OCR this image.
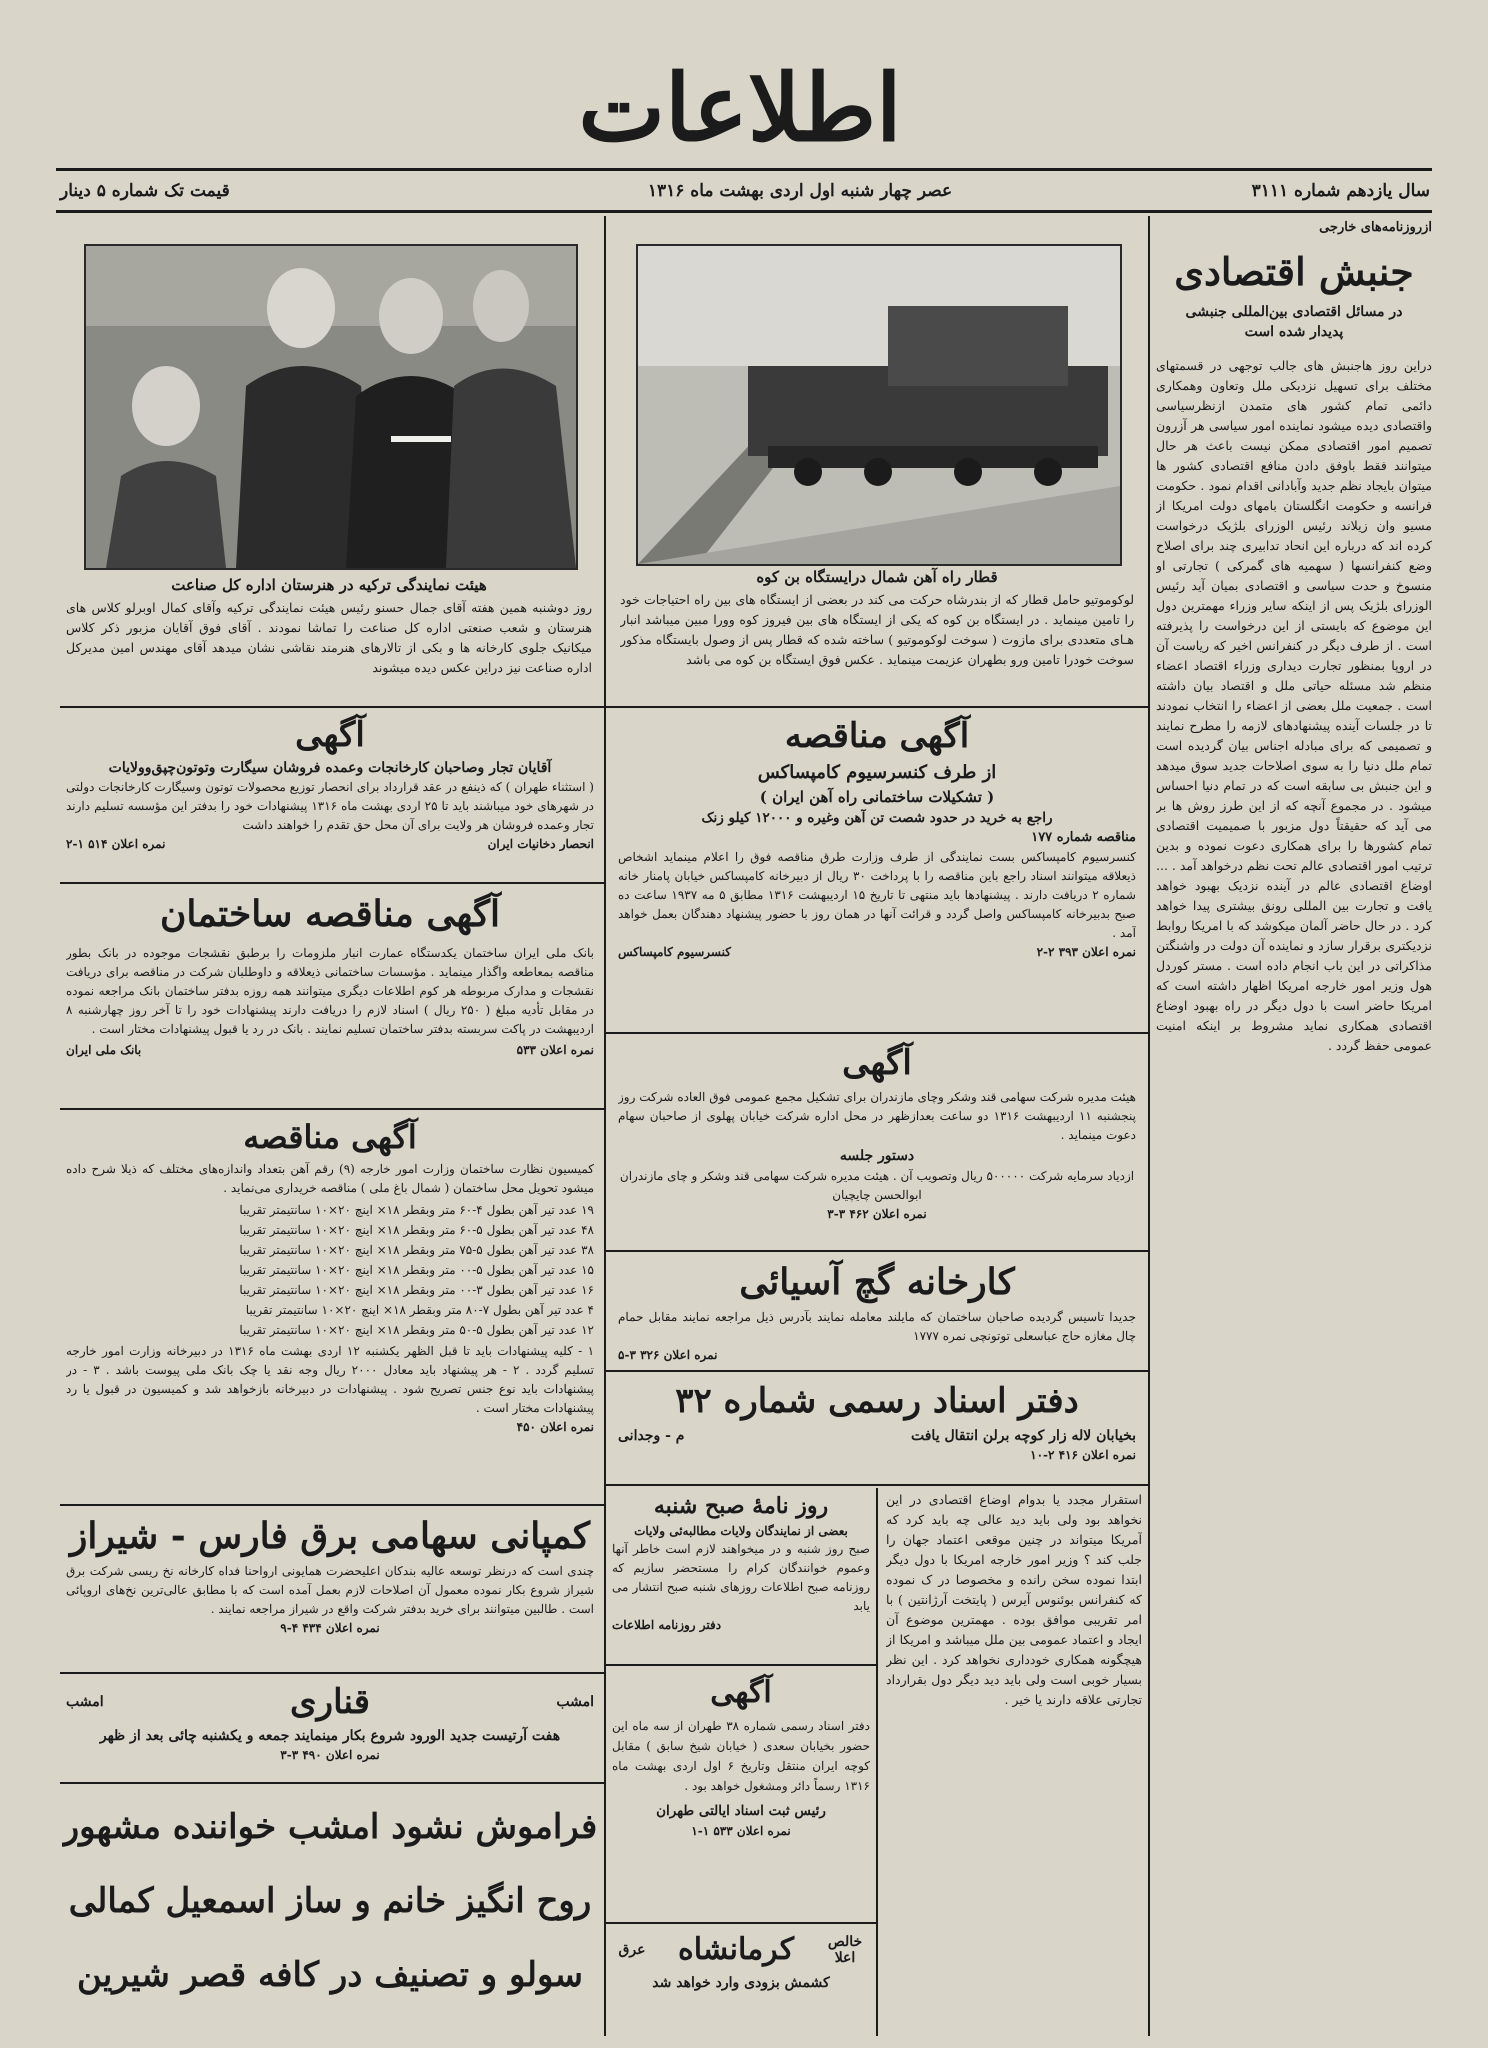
اطلاعات
سال یازدهم شماره ۳۱۱۱
عصر چهار شنبه اول اردی بهشت ماه ۱۳۱۶
قیمت تک شماره ۵ دینار
ازروزنامه‌های خارجی
جنبش اقتصادی
در مسائل اقتصادی بین‌المللی جنبشی پدیدار شده است
دراین روز هاجنبش های جالب توجهی در قسمتهای مختلف برای تسهیل نزدیکی ملل وتعاون وهمکاری دائمی تمام کشور های متمدن ازنظرسیاسی واقتصادی دیده میشود نماینده امور سیاسی هر آزرون تصمیم امور اقتصادی ممکن نیست باعث هر حال میتوانند فقط باوفق دادن منافع اقتصادی کشور ها میتوان بایجاد نظم جدید وآبادانی اقدام نمود . حکومت فرانسه و حکومت انگلستان بامهای دولت امریکا از مسیو وان زیلاند رئیس الوزرای بلژیک درخواست کرده اند که درباره این انحاد تدابیری چند برای اصلاح وضع کنفرانسها ( سهمیه های گمرکی ) تجارتی او منسوخ و حدت سیاسی و اقتصادی بمیان آید رئیس الوزرای بلژیک پس از اینکه سایر وزراء مهمترین دول این موضوع که بایستی از این درخواست را پذیرفته است . از طرف دیگر در کنفرانس اخیر که ریاست آن در اروپا بمنظور تجارت دیداری وزراء اقتصاد اعضاء منظم شد مسئله حیاتی ملل و اقتصاد بیان داشته است . جمعیت ملل بعضی از اعضاء را انتخاب نمودند تا در جلسات آینده پیشنهادهای لازمه را مطرح نمایند و تصمیمی که برای مبادله اجناس بیان گردیده است تمام ملل دنیا را به سوی اصلاحات جدید سوق میدهد و این جنبش بی سابقه است که در تمام دنیا احساس میشود . در مجموع آنچه که از این طرز روش ها بر می آید که حقیقتاً دول مزبور با صمیمیت اقتصادی تمام کشورها را برای همکاری دعوت نموده و بدین ترتیب امور اقتصادی عالم تحت نظم درخواهد آمد . ... اوضاع اقتصادی عالم در آینده نزدیک بهبود خواهد یافت و تجارت بین المللی رونق بیشتری پیدا خواهد کرد . در حال حاضر آلمان میکوشد که با امریکا روابط نزدیکتری برقرار سازد و نماینده آن دولت در واشنگتن مذاکراتی در این باب انجام داده است . مستر کوردل هول وزیر امور خارجه امریکا اظهار داشته است که امریکا حاضر است با دول دیگر در راه بهبود اوضاع اقتصادی همکاری نماید مشروط بر اینکه امنیت عمومی حفظ گردد .
هیئت نمایندگی ترکیه در هنرستان اداره کل صناعت
روز دوشنبه همین هفته آقای جمال حسنو رئیس هیئت نمایندگی ترکیه وآقای کمال اوبرلو کلاس های هنرستان و شعب صنعتی اداره کل صناعت را تماشا نمودند . آقای فوق آقایان مزبور ذکر کلاس میکانیک جلوی کارخانه ها و بکی از تالارهای هنرمند نقاشی نشان میدهد آقای مهندس امین مدیرکل اداره صناعت نیز دراین عکس دیده میشوند
قطار راه آهن شمال درایستگاه بن کوه
لوکوموتیو حامل قطار که از بندرشاه حرکت می کند در بعضی از ایستگاه های بین راه احتیاجات خود را تامین مینماید . در ایستگاه بن کوه که یکی از ایستگاه های بین فیروز کوه وورا مبین میباشد انبار هـای متعددی برای مازوت ( سوخت لوکوموتیو ) ساخته شده که قطار پس از وصول بایستگاه مذکور سوخت خودرا تامین ورو بطهران عزیمت مینماید . عکس فوق ایستگاه بن کوه می باشد
آگهی
آقایان تجار وصاحبان کارخانجات وعمده فروشان سیگارت وتوتون‌چپق‌وولایات
( استثناء طهران ) که ذینفع در عقد قرارداد برای انحصار توزیع محصولات توتون وسیگارت کارخانجات دولتی در شهرهای خود میباشند باید تا ۲۵ اردی بهشت ماه ۱۳۱۶ پیشنهادات خود را بدفتر این مؤسسه تسلیم دارند تجار وعمده فروشان هر ولایت برای آن محل حق تقدم را خواهند داشت
انحصار دخانیات ایران
نمره اعلان ۵۱۴ ۱-۲
آگهی مناقصه ساختمان
بانک ملی ایران ساختمان یکدستگاه عمارت انبار ملزومات را برطبق نقشجات موجوده در بانک بطور مناقصه بمعاطعه واگذار مینماید . مؤسسات ساختمانی ذیعلاقه و داوطلبان شرکت در مناقصه برای دریافت نقشجات و مدارک مربوطه هر کوم اطلاعات دیگری میتوانند همه روزه بدفتر ساختمان بانک مراجعه نموده در مقابل تأدیه مبلغ ( ۲۵۰ ریال ) اسناد لازم را دریافت دارند پیشنهادات خود را تا آخر روز چهارشنبه ۸ اردیبهشت در پاکت سربسته بدفتر ساختمان تسلیم نمایند . بانک در رد یا قبول پیشنهادات مختار است .
نمره اعلان ۵۳۳
بانک ملی ایران
آگهی مناقصه
کمیسیون نظارت ساختمان وزارت امور خارجه (۹) رقم آهن بتعداد واندازه‌های مختلف که ذیلا شرح داده میشود تحویل محل ساختمان ( شمال باغ ملی ) مناقصه خریداری می‌نماید .
۱۹ عدد تیر آهن بطول ۴-۶۰ متر وبقطر ۱۸× اینچ ۲۰×۱۰ سانتیمتر تقریبا
۴۸ عدد تیر آهن بطول ۵-۶۰ متر وبقطر ۱۸× اینچ ۲۰×۱۰ سانتیمتر تقریبا
۳۸ عدد تیر آهن بطول ۵-۷۵ متر وبقطر ۱۸× اینچ ۲۰×۱۰ سانتیمتر تقریبا
۱۵ عدد تیر آهن بطول ۵-۰۰ متر وبقطر ۱۸× اینچ ۲۰×۱۰ سانتیمتر تقریبا
۱۶ عدد تیر آهن بطول ۳-۰۰ متر وبقطر ۱۸× اینچ ۲۰×۱۰ سانتیمتر تقریبا
۴ عدد تیر آهن بطول ۷-۸۰ متر وبقطر ۱۸× اینچ ۲۰×۱۰ سانتیمتر تقریبا
۱۲ عدد تیر آهن بطول ۵-۵۰ متر وبقطر ۱۸× اینچ ۲۰×۱۰ سانتیمتر تقریبا
۱ - کلیه پیشنهادات باید تا قبل الظهر یکشنبه ۱۲ اردی بهشت ماه ۱۳۱۶ در دبیرخانه وزارت امور خارجه تسلیم گردد . ۲ - هر پیشنهاد باید معادل ۲۰۰۰ ریال وجه نقد یا چک بانک ملی پیوست باشد . ۳ - در پیشنهادات باید نوع جنس تصریح شود . پیشنهادات در دبیرخانه بازخواهد شد و کمیسیون در قبول یا رد پیشنهادات مختار است .
نمره اعلان ۴۵۰
کمپانی سهامی برق فارس - شیراز
چندی است که درنظر توسعه عالیه بندکان اعلیحضرت همایونی ارواحنا فداه کارخانه نخ ریسی شرکت برق شیراز شروع بکار نموده معمول آن اصلاحات لازم بعمل آمده است که با مطابق عالی‌ترین نخ‌های اروپائی است . طالبین میتوانند برای خرید بدفتر شرکت واقع در شیراز مراجعه نمایند .
نمره اعلان ۴۳۴ ۴-۹
امشب
قناری
امشب
هفت آرتیست جدید الورود شروع بکار مینمایند جمعه و یکشنبه چائی بعد از ظهر
نمره اعلان ۴۹۰ ۳-۳
فراموش نشود امشب خواننده مشهور
روح انگیز خانم و ساز اسمعیل کمالی
سولو و تصنیف در کافه قصر شیرین
آگهی مناقصه
از طرف کنسرسیوم کامپساکس
( تشکیلات ساختمانی راه آهن ایران )
راجع به خرید در حدود شصت تن آهن وغیره و ۱۲۰۰۰ کیلو زنک
مناقصه شماره ۱۷۷
کنسرسیوم کامپساکس بست نمایندگی از طرف وزارت طرق مناقصه فوق را اعلام مینماید اشخاص ذیعلاقه میتوانند اسناد راجع باین مناقصه را با پرداخت ۳۰ ریال از دبیرخانه کامپساکس خیابان پامنار خانه شماره ۲ دریافت دارند . پیشنهادها باید منتهی تا تاریخ ۱۵ اردیبهشت ۱۳۱۶ مطابق ۵ مه ۱۹۳۷ ساعت ده صبح بدبیرخانه کامپساکس واصل گردد و قرائت آنها در همان روز با حضور پیشنهاد دهندگان بعمل خواهد آمد .
نمره اعلان ۳۹۳ ۲-۲
کنسرسیوم کامپساکس
آگهی
هیئت مدیره شرکت سهامی قند وشکر وچای مازندران برای تشکیل مجمع عمومی فوق العاده شرکت روز پنجشنبه ۱۱ اردیبهشت ۱۳۱۶ دو ساعت بعدازظهر در محل اداره شرکت خیابان پهلوی از صاحبان سهام دعوت مینماید .
دستور جلسه
ازدیاد سرمایه شرکت ۵۰۰۰۰۰ ریال وتصویب آن . هیئت مدیره شرکت سهامی قند وشکر و چای مازندران ابوالحسن چایچیان
نمره اعلان ۴۶۲ ۳-۳
کارخانه گچ آسیائی
جدیدا تاسیس گردیده صاحبان ساختمان که مایلند معامله نمایند بآدرس ذیل مراجعه نمایند مقابل حمام چال مغازه حاج عباسعلی توتونچی نمره ۱۷۷۷
نمره اعلان ۳۲۶ ۳-۵
دفتر اسناد رسمی شماره ۳۲
بخیابان لاله زار کوچه برلن انتقال یافت
م - وجدانی
نمره اعلان ۴۱۶ ۲-۱۰
استقرار مجدد یا بدوام اوضاع اقتصادی در این نخواهد بود ولی باید دید عالی چه باید کرد که آمریکا میتواند در چنین موقعی اعتماد جهان را جلب کند ؟ وزیر امور خارجه امریکا با دول دیگر ابتدا نموده سخن رانده و مخصوصا در ک نموده که کنفرانس بوئنوس آیرس ( پایتخت آرژانتین ) با امر تقریبی موافق بوده . مهمترین موضوع آن ایجاد و اعتماد عمومی بین ملل میباشد و امریکا از هیچگونه همکاری خودداری نخواهد کرد . این نظر بسیار خوبی است ولی باید دید دیگر دول بقرارداد تجارتی علاقه دارند یا خیر .
روز نامهٔ صبح شنبه
بعضی از نمایندگان ولایات مطالبه‌ئی ولایات
صبح روز شنبه و در میخواهند لازم است خاطر آنها وعموم خوانندگان کرام را مستحضر سازیم که روزنامه صبح اطلاعات روزهای شنبه صبح انتشار می یابد
دفتر روزنامه اطلاعات
آگهی
دفتر اسناد رسمی شماره ۳۸ طهران از سه ماه این حضور بخیابان سعدی ( خیابان شیخ سابق ) مقابل کوچه ایران منتقل وتاریخ ۶ اول اردی بهشت ماه ۱۳۱۶ رسماً دائر ومشغول خواهد بود .
رئیس ثبت اسناد ایالتی طهران
نمره اعلان ۵۳۳ ۱-۱
خالص اعلا
کرمانشاه
عرق
کشمش بزودی وارد خواهد شد
